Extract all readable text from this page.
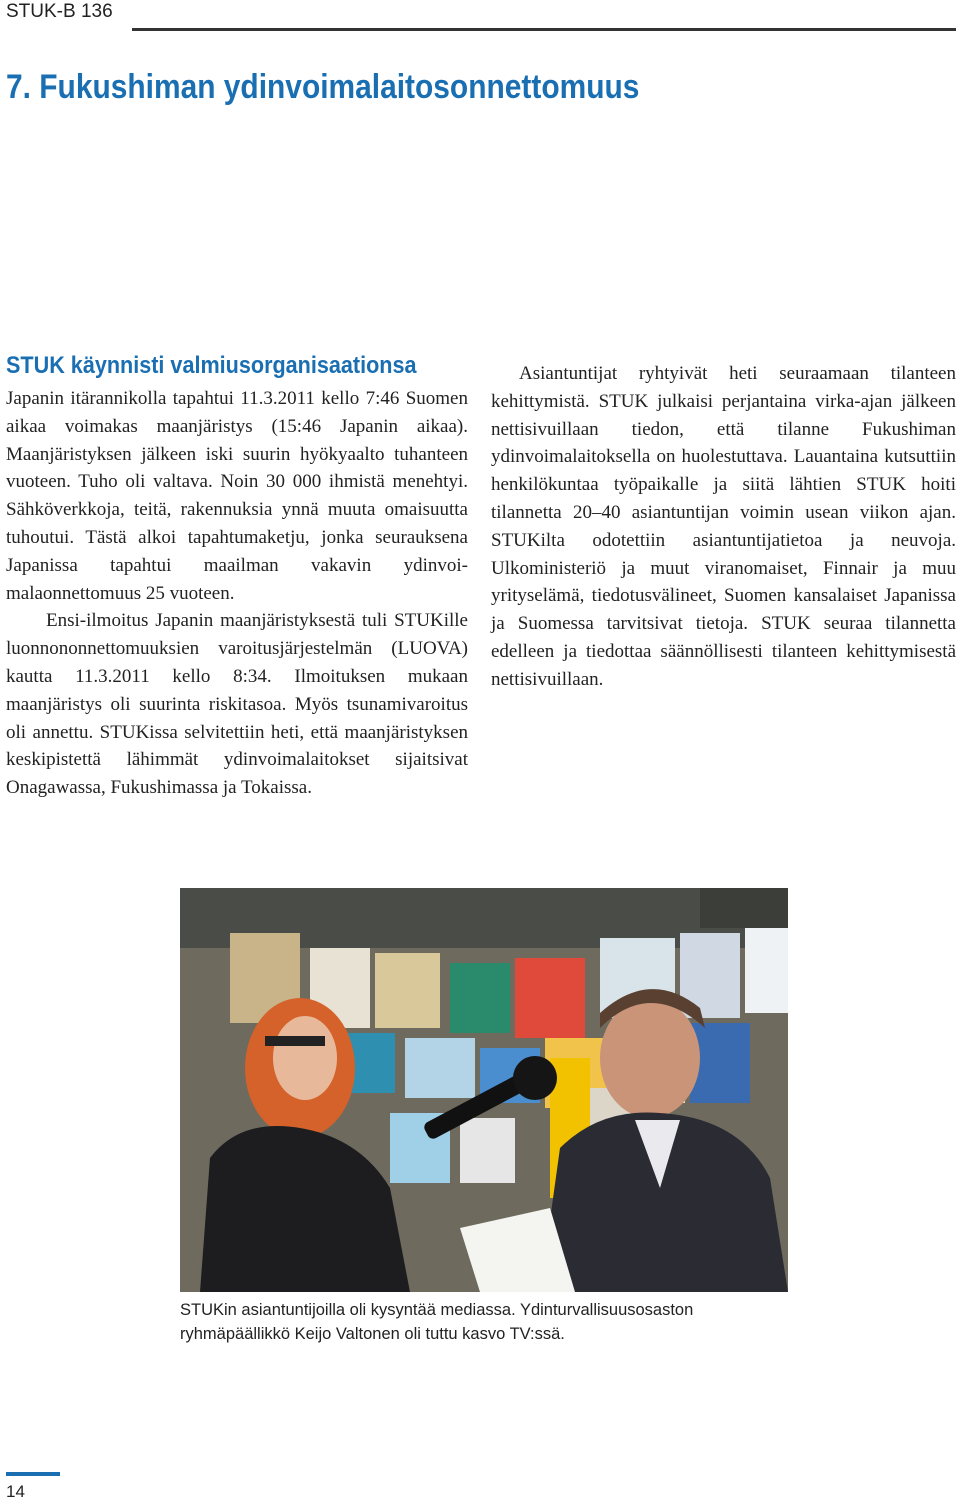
STUK-B 136
7. Fukushiman ydinvoimalaitosonnettomuus
STUK käynnisti valmiusorganisaationsa

Japanin itärannikolla tapahtui 11.3.2011 kello 7:46 Suomen aikaa voimakas maanjäristys (15:46 Japanin aikaa). Maanjäristyksen jälkeen iski suurin hyökyaalto tuhanteen vuoteen. Tuho oli valtava. Noin 30 000 ihmistä menehtyi. Sähköverkkoja, teitä, rakennuksia ynnä muuta omaisuutta tuhoutui. Tästä alkoi tapahtumaketju, jonka seurauksena Japanissa tapahtui maailman vakavin ydinvoimalaonnettomuus 25 vuoteen.

Ensi-ilmoitus Japanin maanjäristyksestä tuli STUKille luonnononnettomuuksien varoitusjärjestelmän (LUOVA) kautta 11.3.2011 kello 8:34. Ilmoituksen mukaan maanjäristys oli suurinta riskitasoa. Myös tsunamivaroitus oli annettu. STUKissa selvitettiin heti, että maanjäristyksen keskipistettä lähimmät ydinvoimalaitokset sijaitsivat Onagawassa, Fukushimassa ja Tokaissa.

Asiantuntijat ryhtyivät heti seuraamaan tilanteen kehittymistä. STUK julkaisi perjantaina virka-ajan jälkeen nettisivuillaan tiedon, että tilanne Fukushiman ydinvoimalaitoksella on huolestuttava. Lauantaina kutsuttiin henkilökuntaa työpaikalle ja siitä lähtien STUK hoiti tilannetta 20–40 asiantuntijan voimin usean viikon ajan. STUKilta odotettiin asiantuntijatietoa ja neuvoja. Ulkoministeriö ja muut viranomaiset, Finnair ja muu yrityselämä, tiedotusvälineet, Suomen kansalaiset Japanissa ja Suomessa tarvitsivat tietoja. STUK seuraa tilannetta edelleen ja tiedottaa säännöllisesti tilanteen kehittymisestä nettisivuillaan.

STUKin asiantuntijoilla oli kysyntää mediassa. Ydinturvallisuusosaston
ryhmäpäällikkö Keijo Valtonen oli tuttu kasvo TV:ssä.
14
